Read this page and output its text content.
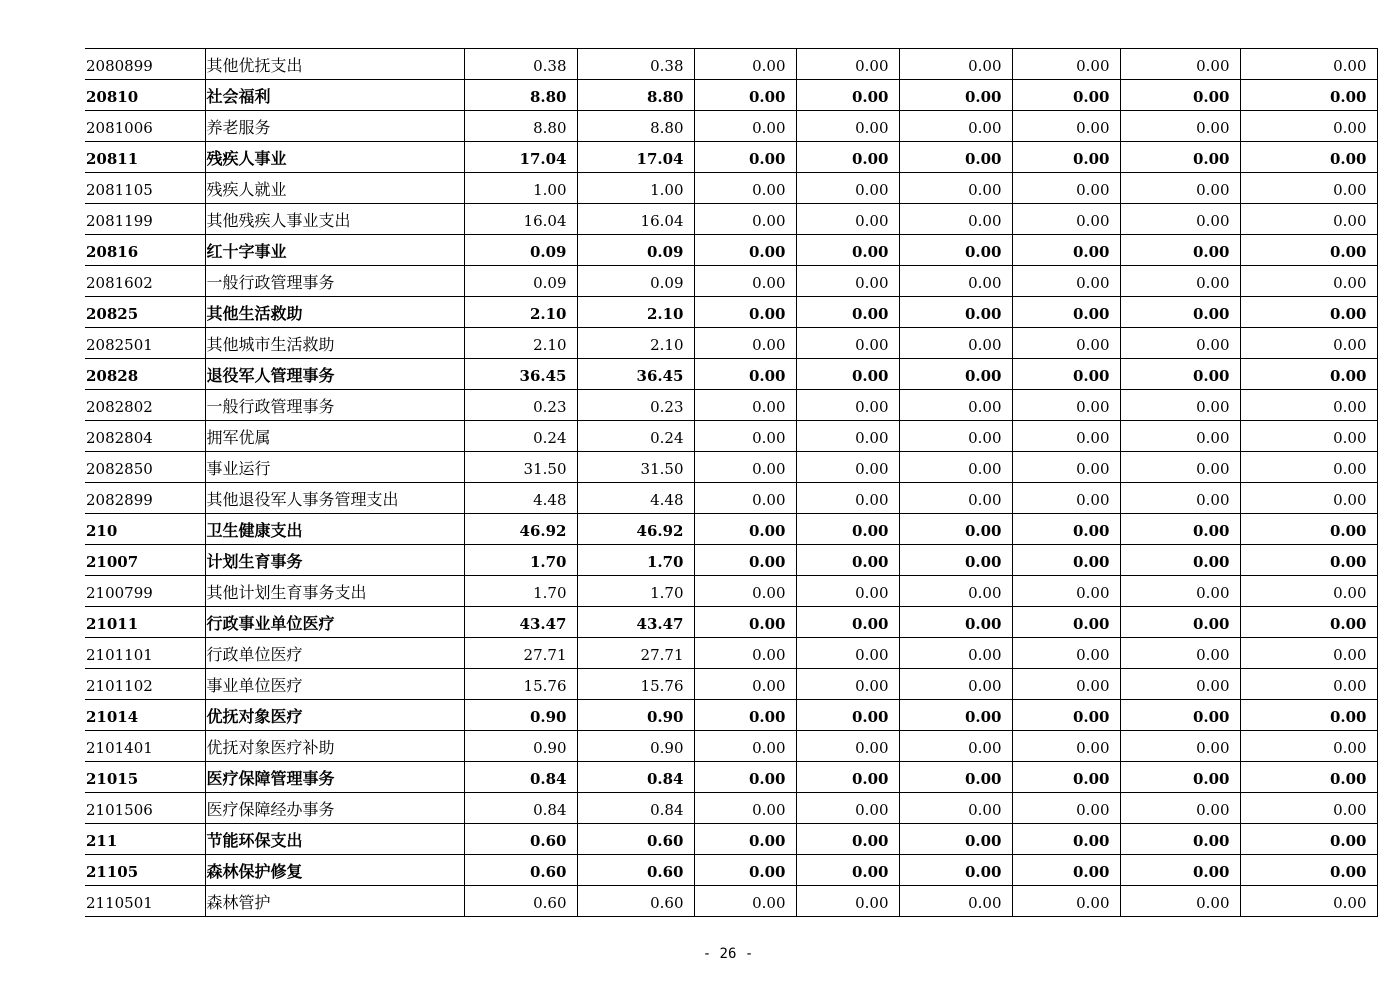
2080899	其他优抚支出	0.38	0.38	0.00	0.00	0.00	0.00	0.00	0.00
20810	社会福利	8.80	8.80	0.00	0.00	0.00	0.00	0.00	0.00
2081006	养老服务	8.80	8.80	0.00	0.00	0.00	0.00	0.00	0.00
20811	残疾人事业	17.04	17.04	0.00	0.00	0.00	0.00	0.00	0.00
2081105	残疾人就业	1.00	1.00	0.00	0.00	0.00	0.00	0.00	0.00
2081199	其他残疾人事业支出	16.04	16.04	0.00	0.00	0.00	0.00	0.00	0.00
20816	红十字事业	0.09	0.09	0.00	0.00	0.00	0.00	0.00	0.00
2081602	一般行政管理事务	0.09	0.09	0.00	0.00	0.00	0.00	0.00	0.00
20825	其他生活救助	2.10	2.10	0.00	0.00	0.00	0.00	0.00	0.00
2082501	其他城市生活救助	2.10	2.10	0.00	0.00	0.00	0.00	0.00	0.00
20828	退役军人管理事务	36.45	36.45	0.00	0.00	0.00	0.00	0.00	0.00
2082802	一般行政管理事务	0.23	0.23	0.00	0.00	0.00	0.00	0.00	0.00
2082804	拥军优属	0.24	0.24	0.00	0.00	0.00	0.00	0.00	0.00
2082850	事业运行	31.50	31.50	0.00	0.00	0.00	0.00	0.00	0.00
2082899	其他退役军人事务管理支出	4.48	4.48	0.00	0.00	0.00	0.00	0.00	0.00
210	卫生健康支出	46.92	46.92	0.00	0.00	0.00	0.00	0.00	0.00
21007	计划生育事务	1.70	1.70	0.00	0.00	0.00	0.00	0.00	0.00
2100799	其他计划生育事务支出	1.70	1.70	0.00	0.00	0.00	0.00	0.00	0.00
21011	行政事业单位医疗	43.47	43.47	0.00	0.00	0.00	0.00	0.00	0.00
2101101	行政单位医疗	27.71	27.71	0.00	0.00	0.00	0.00	0.00	0.00
2101102	事业单位医疗	15.76	15.76	0.00	0.00	0.00	0.00	0.00	0.00
21014	优抚对象医疗	0.90	0.90	0.00	0.00	0.00	0.00	0.00	0.00
2101401	优抚对象医疗补助	0.90	0.90	0.00	0.00	0.00	0.00	0.00	0.00
21015	医疗保障管理事务	0.84	0.84	0.00	0.00	0.00	0.00	0.00	0.00
2101506	医疗保障经办事务	0.84	0.84	0.00	0.00	0.00	0.00	0.00	0.00
211	节能环保支出	0.60	0.60	0.00	0.00	0.00	0.00	0.00	0.00
21105	森林保护修复	0.60	0.60	0.00	0.00	0.00	0.00	0.00	0.00
2110501	森林管护	0.60	0.60	0.00	0.00	0.00	0.00	0.00	0.00
- 26 -
